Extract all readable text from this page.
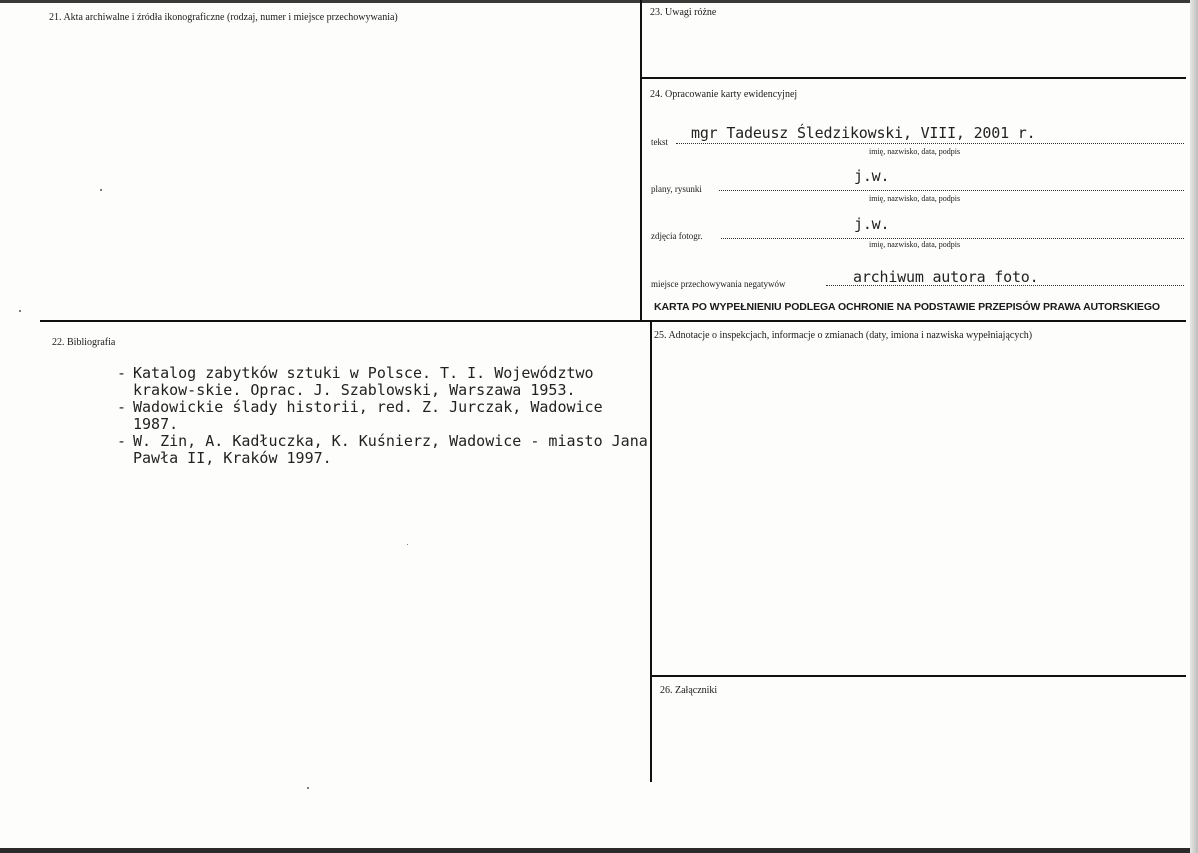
21. Akta archiwalne i źródła ikonograficzne (rodzaj, numer i miejsce przechowywania)	23. Uwagi różne
24. Opracowanie karty ewidencyjnej
tekst mgr Tadeusz Śledzikowski, VIII, 2001 r.
imię, nazwisko, data, podpis
plany, rysunki
j.w.
imię, nazwisko, data, podpis
zdjęcia fotogr.
j.w.
imię, nazwisko, data, podpis
miejsce przechowywania negatywów	archiwum autora foto.
KARTA PO WYPEŁNIENIU PODLEGA OCHRONIE NA PODSTAWIE PRZEPISÓW PRAWA AUTORSKIEGO
22. Bibliografia
- Katalog zabytków sztuki w Polsce. T. I. Województwo krakow-skie. Oprac. J. Szablowski, Warszawa 1953.
- Wadowickie ślady historii, red. Z. Jurczak, Wadowice 1987.
- W. Zin, A. Kadłuczka, K. Kuśnierz, Wadowice - miasto Jana Pawła II, Kraków 1997.
25. Adnotacje o inspekcjach, informacje o zmianach (daty, imiona i nazwiska wypełniających)
26. Załączniki
